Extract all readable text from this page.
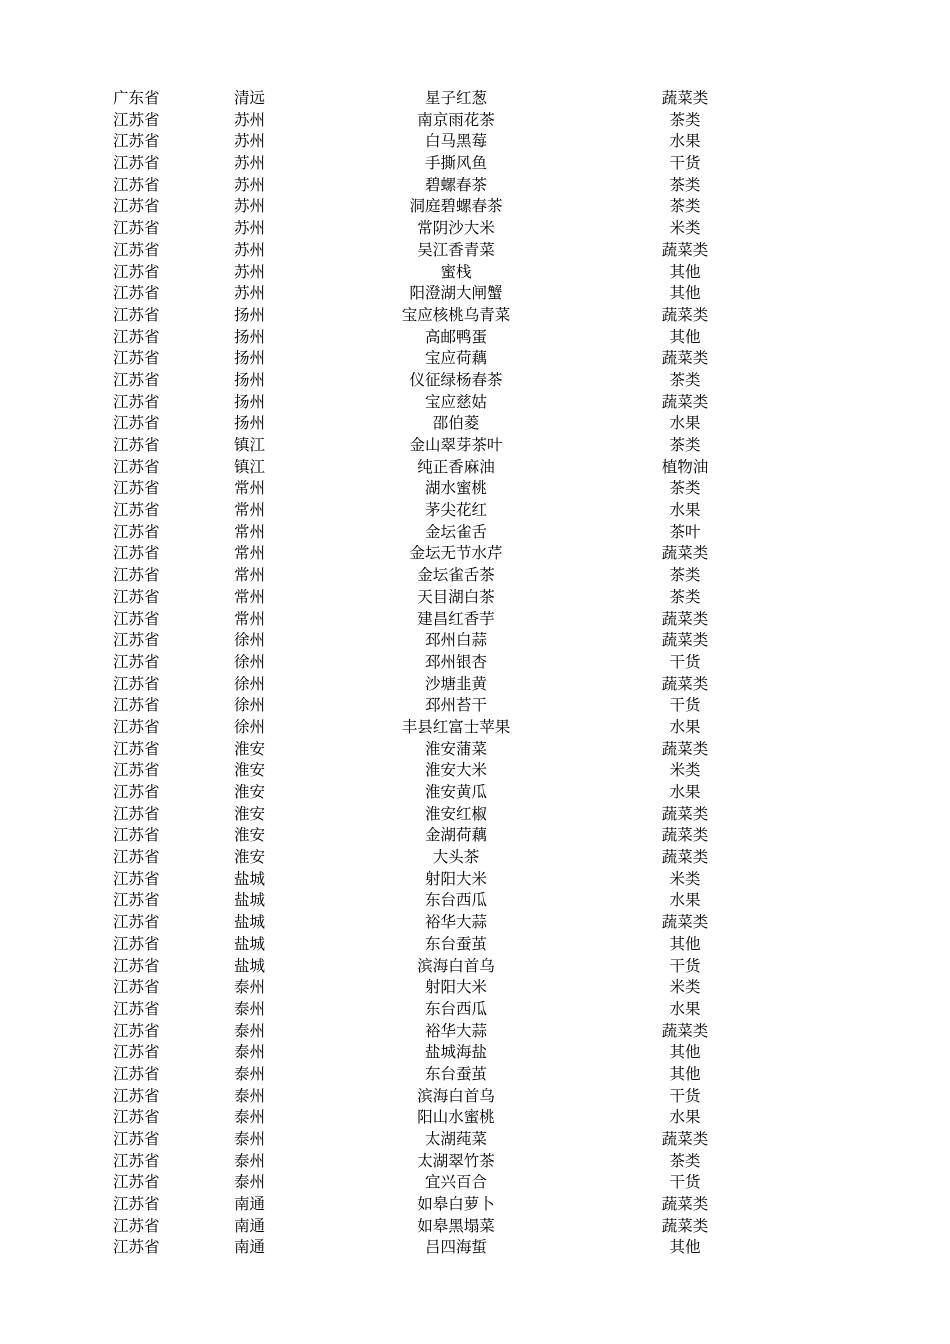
广东省	清远	星子红葱	蔬菜类
江苏省	苏州	南京雨花茶	茶类
江苏省	苏州	白马黑莓	水果
江苏省	苏州	手撕风鱼	干货
江苏省	苏州	碧螺春茶	茶类
江苏省	苏州	洞庭碧螺春茶	茶类
江苏省	苏州	常阴沙大米	米类
江苏省	苏州	吴江香青菜	蔬菜类
江苏省	苏州	蜜栈	其他
江苏省	苏州	阳澄湖大闸蟹	其他
江苏省	扬州	宝应核桃乌青菜	蔬菜类
江苏省	扬州	高邮鸭蛋	其他
江苏省	扬州	宝应荷藕	蔬菜类
江苏省	扬州	仪征绿杨春茶	茶类
江苏省	扬州	宝应慈姑	蔬菜类
江苏省	扬州	邵伯菱	水果
江苏省	镇江	金山翠芽茶叶	茶类
江苏省	镇江	纯正香麻油	植物油
江苏省	常州	湖水蜜桃	茶类
江苏省	常州	茅尖花红	水果
江苏省	常州	金坛雀舌	茶叶
江苏省	常州	金坛无节水芹	蔬菜类
江苏省	常州	金坛雀舌茶	茶类
江苏省	常州	天目湖白茶	茶类
江苏省	常州	建昌红香芋	蔬菜类
江苏省	徐州	邳州白蒜	蔬菜类
江苏省	徐州	邳州银杏	干货
江苏省	徐州	沙塘韭黄	蔬菜类
江苏省	徐州	邳州苔干	干货
江苏省	徐州	丰县红富士苹果	水果
江苏省	淮安	淮安蒲菜	蔬菜类
江苏省	淮安	淮安大米	米类
江苏省	淮安	淮安黄瓜	水果
江苏省	淮安	淮安红椒	蔬菜类
江苏省	淮安	金湖荷藕	蔬菜类
江苏省	淮安	大头茶	蔬菜类
江苏省	盐城	射阳大米	米类
江苏省	盐城	东台西瓜	水果
江苏省	盐城	裕华大蒜	蔬菜类
江苏省	盐城	东台蚕茧	其他
江苏省	盐城	滨海白首乌	干货
江苏省	泰州	射阳大米	米类
江苏省	泰州	东台西瓜	水果
江苏省	泰州	裕华大蒜	蔬菜类
江苏省	泰州	盐城海盐	其他
江苏省	泰州	东台蚕茧	其他
江苏省	泰州	滨海白首乌	干货
江苏省	泰州	阳山水蜜桃	水果
江苏省	泰州	太湖莼菜	蔬菜类
江苏省	泰州	太湖翠竹茶	茶类
江苏省	泰州	宜兴百合	干货
江苏省	南通	如皋白萝卜	蔬菜类
江苏省	南通	如皋黑塌菜	蔬菜类
江苏省	南通	吕四海蜇	其他
